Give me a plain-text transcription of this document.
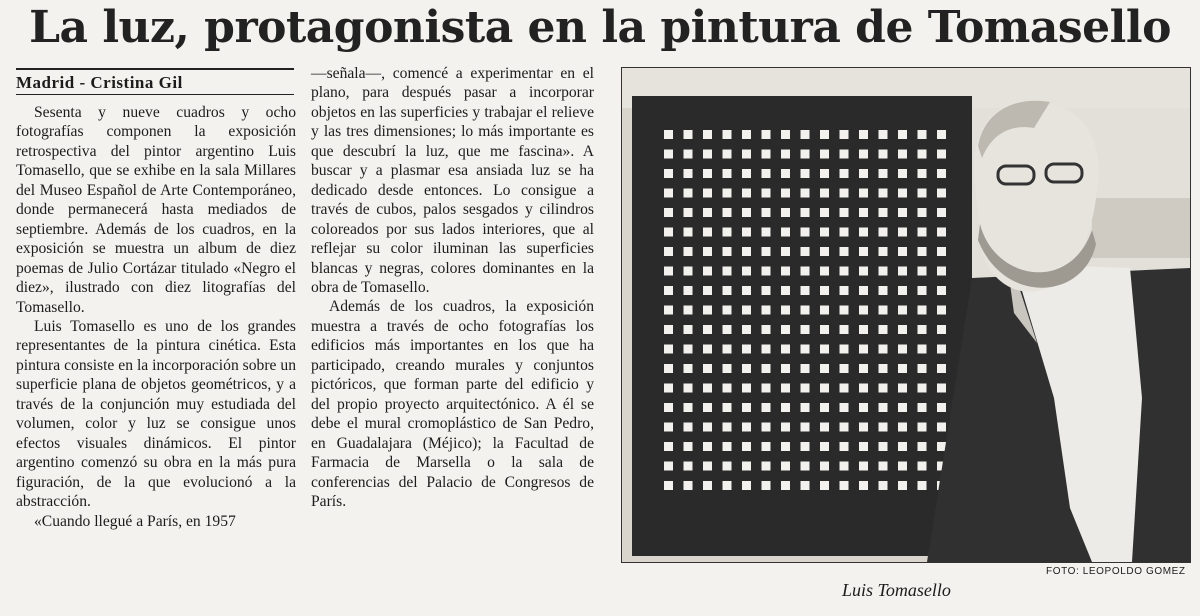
La luz, protagonista en la pintura de Tomasello
Madrid - Cristina Gil

Sesenta y nueve cuadros y ocho fotografías componen la exposición retrospectiva del pintor argentino Luis Tomasello, que se exhibe en la sala Millares del Museo Español de Arte Contemporáneo, donde permanecerá hasta mediados de septiembre. Además de los cuadros, en la exposición se muestra un album de diez poemas de Julio Cortázar titulado «Negro el diez», ilustrado con diez litografías del Tomasello.

Luis Tomasello es uno de los grandes representantes de la pintura cinética. Esta pintura consiste en la incorporación sobre un superficie plana de objetos geométricos, y a través de la conjunción muy estudiada del volumen, color y luz se consigue unos efectos visuales dinámicos. El pintor argentino comenzó su obra en la más pura figuración, de la que evolucionó a la abstracción.

«Cuando llegué a París, en 1957

—señala—, comencé a experimentar en el plano, para después pasar a incorporar objetos en las superficies y trabajar el relieve y las tres dimensiones; lo más importante es que descubrí la luz, que me fascina». A buscar y a plasmar esa ansiada luz se ha dedicado desde entonces. Lo consigue a través de cubos, palos sesgados y cilindros coloreados por sus lados interiores, que al reflejar su color iluminan las superficies blancas y negras, colores dominantes en la obra de Tomasello.

Además de los cuadros, la exposición muestra a través de ocho fotografías los edificios más importantes en los que ha participado, creando murales y conjuntos pictóricos, que forman parte del edificio y del propio proyecto arquitectónico. A él se debe el mural cromoplástico de San Pedro, en Guadalajara (Méjico); la Facultad de Farmacia de Marsella o la sala de conferencias del Palacio de Congresos de París.

FOTO: LEOPOLDO GOMEZ
Luis Tomasello
